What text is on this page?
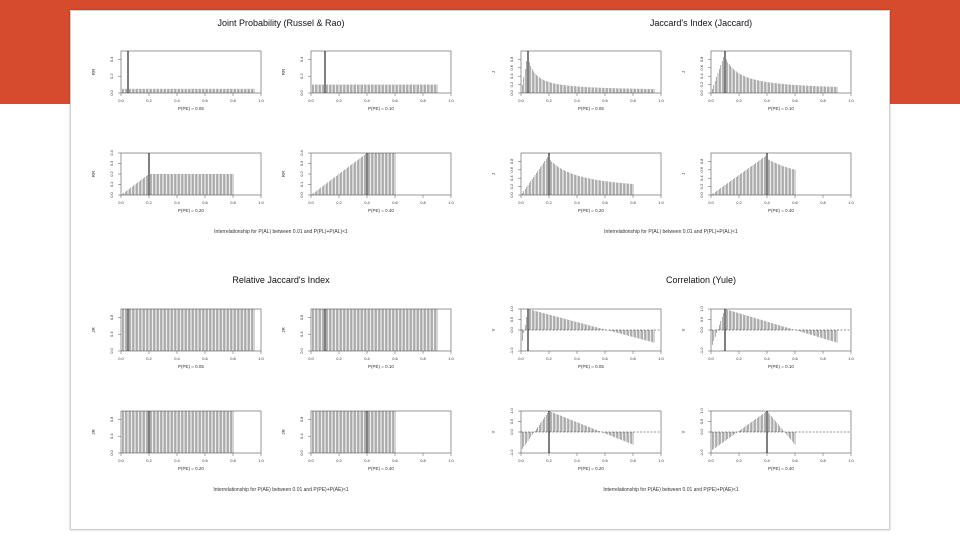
Joint Probability (Russel & Rao)	Jaccard's Index (Jaccard)
Relative Jaccard's Index	Correlation (Yule)
Interrelationship for P(AL) between 0.01 and P(PL)+P(AL)<1	Interrelationship for P(AL) between 0.01 and P(PL)+P(AL)<1
Interrelationship for P(AE) between 0.01 and P(PE)+P(AE)<1	Interrelationship for P(AE) between 0.01 and P(PE)+P(AE)<1
RR
0.0
0.2
0.4
0.0	0.2	0.4	0.6	0.8	1.0
P(PE) = 0.05
RR
0.0
0.2
0.4
0.0	0.2	0.4	0.6	0.8	1.0
P(PE) = 0.10
RR
0.0
0.1
0.2
0.3
0.4
0.0	0.2	0.4	0.6	0.8	1.0
P(PE) = 0.20
RR
0.0
0.1
0.2
0.3
0.4
0.0	0.2	0.4	0.6	0.8	1.0
P(PE) = 0.40
J
0.0
0.2
0.4
0.6
0.8
0.0	0.2	0.4	0.6	0.8	1.0
P(PE) = 0.05
J
0.0
0.2
0.4
0.6
0.8
0.0	0.2	0.4	0.6	0.8	1.0
P(PE) = 0.10
J
0.0
0.2
0.4
0.6
0.8
0.0	0.2	0.4	0.6	0.8	1.0
P(PE) = 0.20
J
0.0
0.2
0.4
0.6
0.8
0.0	0.2	0.4	0.6	0.8	1.0
P(PE) = 0.40
JR
0.0
0.4
0.8
0.0	0.2	0.4	0.6	0.8	1.0
P(PE) = 0.05
JR
0.0
0.4
0.8
0.0	0.2	0.4	0.6	0.8	1.0
P(PE) = 0.10
JR
0.0
0.4
0.8
0.0	0.2	0.4	0.6	0.8	1.0
P(PE) = 0.20
JR
0.0
0.4
0.8
0.0	0.2	0.4	0.6	0.8	1.0
P(PE) = 0.40
Y
-1.0
0.0
0.5
1.0
0.0	0.2	0.4	0.6	0.8	1.0
P(PE) = 0.05
Y
-1.0
0.0
0.5
1.0
0.0	0.2	0.4	0.6	0.8	1.0
P(PE) = 0.10
Y
-1.0
0.0
0.5
1.0
0.0	0.2	0.4	0.6	0.8	1.0
P(PE) = 0.20
Y
-1.0
0.0
0.5
1.0
0.0	0.2	0.4	0.6	0.8	1.0
P(PE) = 0.40
